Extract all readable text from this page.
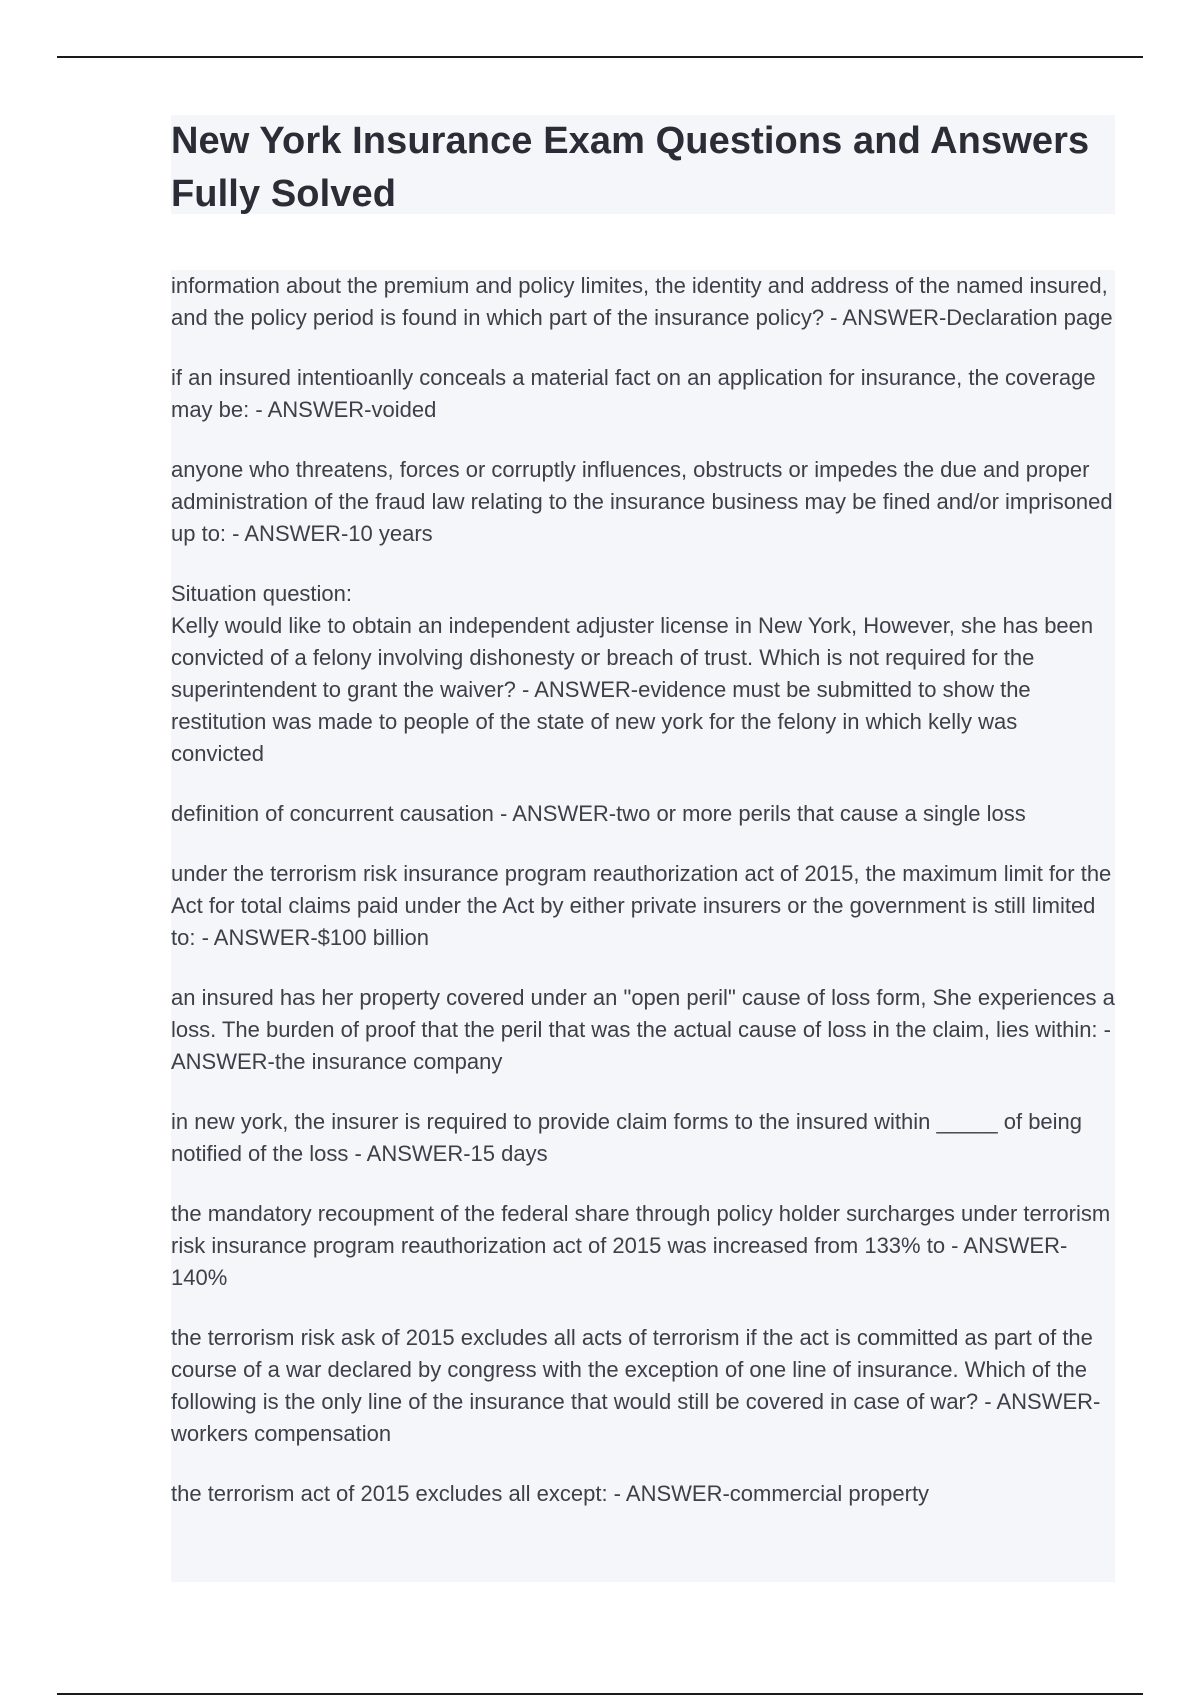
New York Insurance Exam Questions and Answers Fully Solved

information about the premium and policy limites, the identity and address of the named insured, and the policy period is found in which part of the insurance policy? - ANSWER-Declaration page

if an insured intentioanlly conceals a material fact on an application for insurance, the coverage may be: - ANSWER-voided

anyone who threatens, forces or corruptly influences, obstructs or impedes the due and proper administration of the fraud law relating to the insurance business may be fined and/or imprisoned up to: - ANSWER-10 years

Situation question:
Kelly would like to obtain an independent adjuster license in New York, However, she has been convicted of a felony involving dishonesty or breach of trust. Which is not required for the superintendent to grant the waiver? - ANSWER-evidence must be submitted to show the restitution was made to people of the state of new york for the felony in which kelly was convicted

definition of concurrent causation - ANSWER-two or more perils that cause a single loss

under the terrorism risk insurance program reauthorization act of 2015, the maximum limit for the Act for total claims paid under the Act by either private insurers or the government is still limited to: - ANSWER-$100 billion

an insured has her property covered under an "open peril" cause of loss form, She experiences a loss. The burden of proof that the peril that was the actual cause of loss in the claim, lies within: - ANSWER-the insurance company

in new york, the insurer is required to provide claim forms to the insured within _____ of being notified of the loss - ANSWER-15 days

the mandatory recoupment of the federal share through policy holder surcharges under terrorism risk insurance program reauthorization act of 2015 was increased from 133% to - ANSWER-140%

the terrorism risk ask of 2015 excludes all acts of terrorism if the act is committed as part of the course of a war declared by congress with the exception of one line of insurance. Which of the following is the only line of the insurance that would still be covered in case of war? - ANSWER-workers compensation

the terrorism act of 2015 excludes all except: - ANSWER-commercial property
